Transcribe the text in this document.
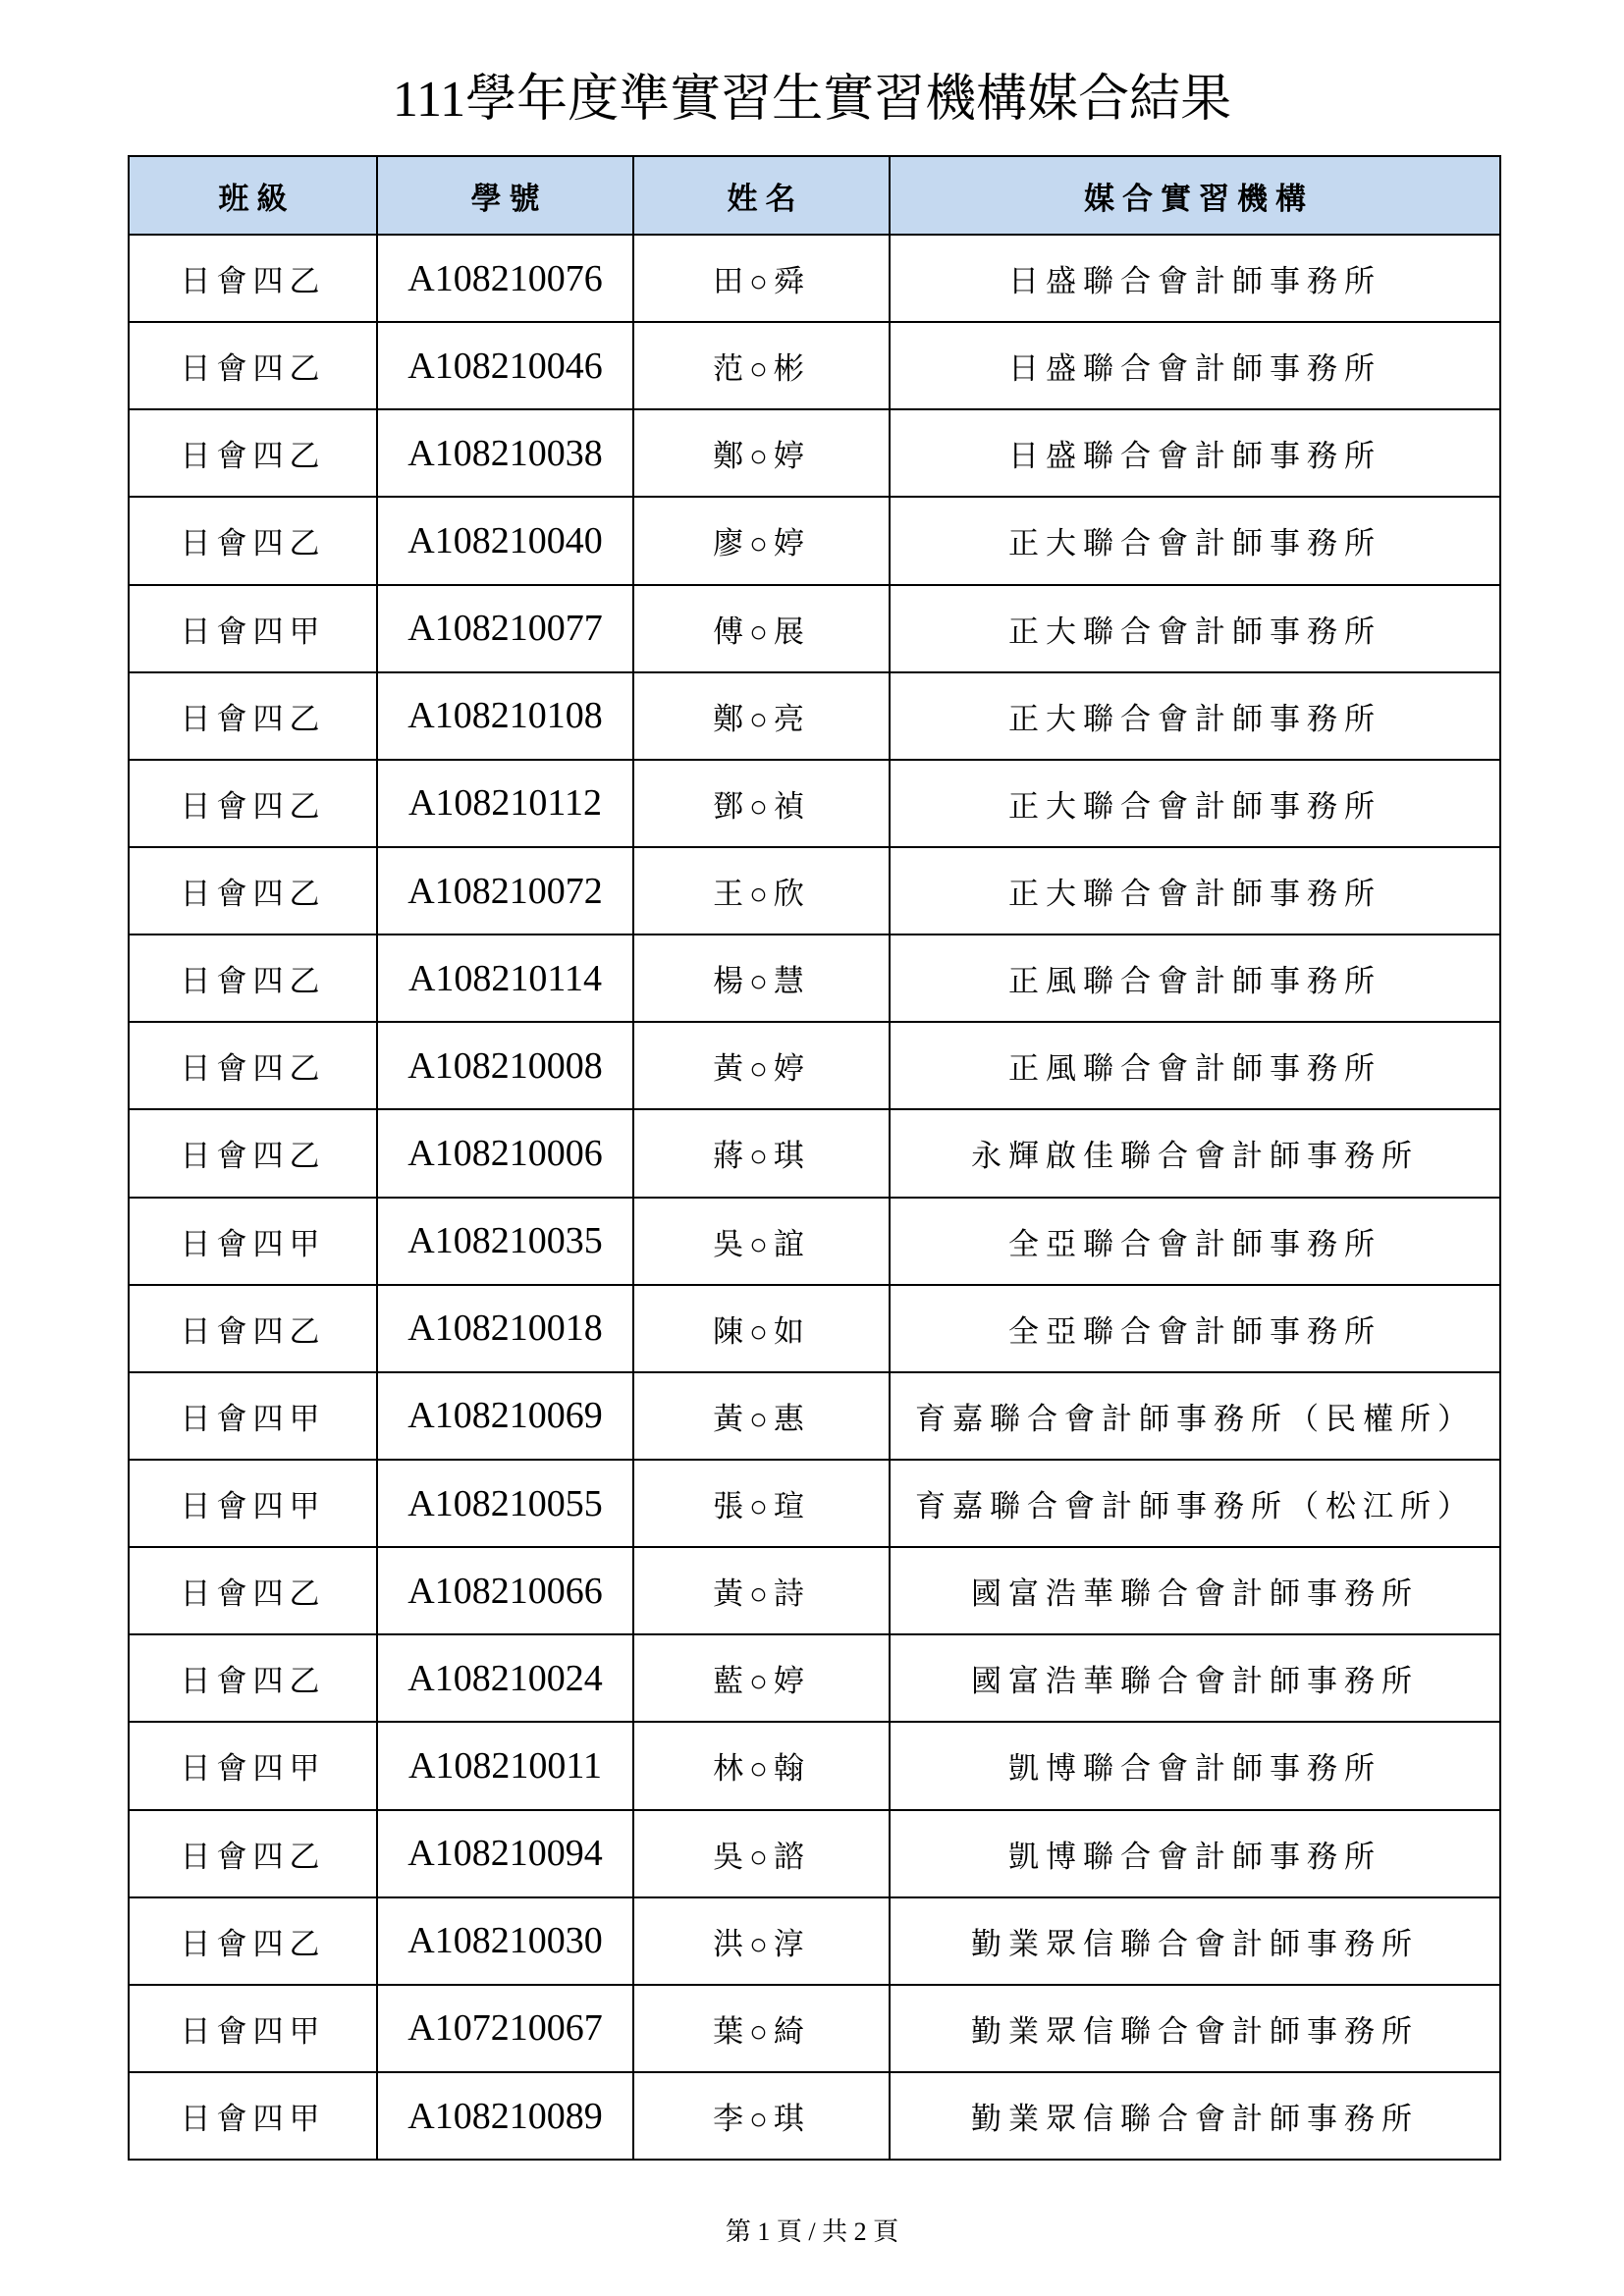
111學年度準實習生實習機構媒合結果
班級	學號	姓名	媒合實習機構
日會四乙	A108210076	田○舜	日盛聯合會計師事務所
日會四乙	A108210046	范○彬	日盛聯合會計師事務所
日會四乙	A108210038	鄭○婷	日盛聯合會計師事務所
日會四乙	A108210040	廖○婷	正大聯合會計師事務所
日會四甲	A108210077	傅○展	正大聯合會計師事務所
日會四乙	A108210108	鄭○亮	正大聯合會計師事務所
日會四乙	A108210112	鄧○禎	正大聯合會計師事務所
日會四乙	A108210072	王○欣	正大聯合會計師事務所
日會四乙	A108210114	楊○慧	正風聯合會計師事務所
日會四乙	A108210008	黃○婷	正風聯合會計師事務所
日會四乙	A108210006	蔣○琪	永輝啟佳聯合會計師事務所
日會四甲	A108210035	吳○誼	全亞聯合會計師事務所
日會四乙	A108210018	陳○如	全亞聯合會計師事務所
日會四甲	A108210069	黃○惠	育嘉聯合會計師事務所（民權所）
日會四甲	A108210055	張○瑄	育嘉聯合會計師事務所（松江所）
日會四乙	A108210066	黃○詩	國富浩華聯合會計師事務所
日會四乙	A108210024	藍○婷	國富浩華聯合會計師事務所
日會四甲	A108210011	林○翰	凱博聯合會計師事務所
日會四乙	A108210094	吳○諮	凱博聯合會計師事務所
日會四乙	A108210030	洪○淳	勤業眾信聯合會計師事務所
日會四甲	A107210067	葉○綺	勤業眾信聯合會計師事務所
日會四甲	A108210089	李○琪	勤業眾信聯合會計師事務所
第 1 頁 / 共 2 頁
